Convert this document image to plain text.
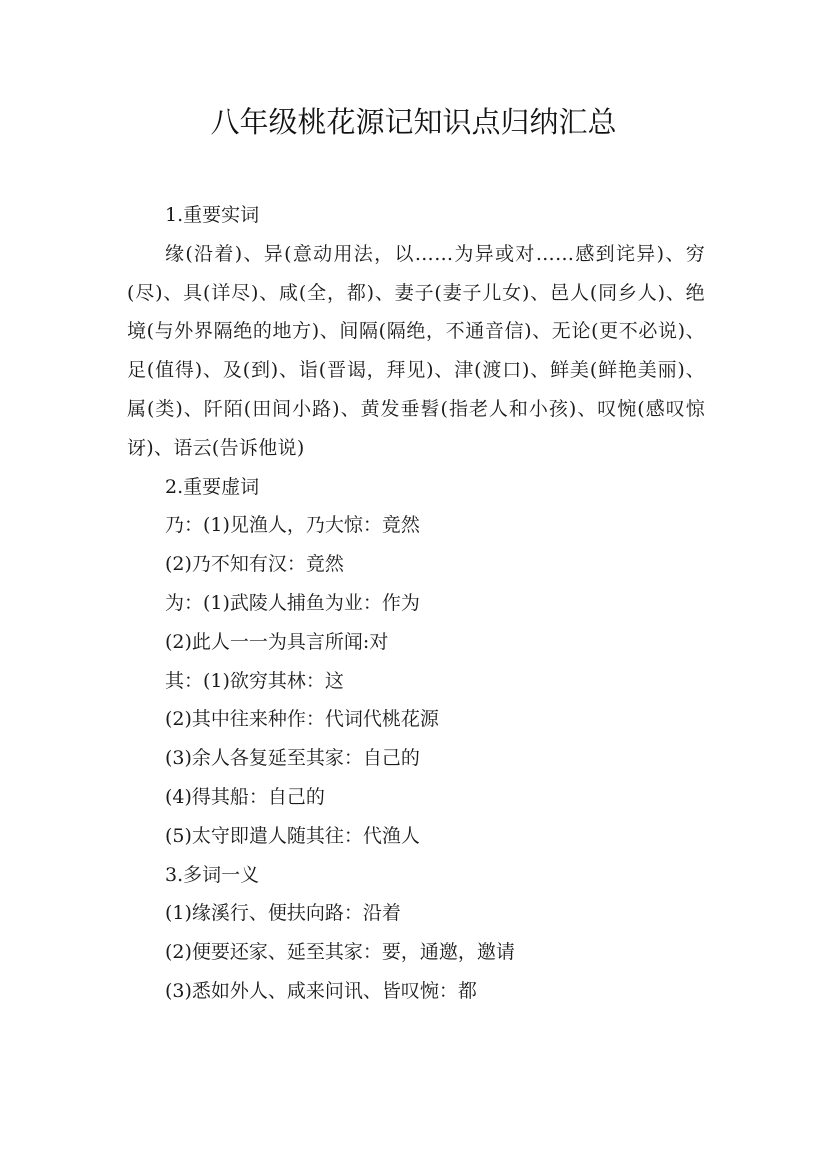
八年级桃花源记知识点归纳汇总

1.重要实词

缘(沿着)、异(意动用法，以……为异或对……感到诧异)、穷(尽)、具(详尽)、咸(全，都)、妻子(妻子儿女)、邑人(同乡人)、绝境(与外界隔绝的地方)、间隔(隔绝，不通音信)、无论(更不必说)、足(值得)、及(到)、诣(晋谒，拜见)、津(渡口)、鲜美(鲜艳美丽)、属(类)、阡陌(田间小路)、黄发垂髫(指老人和小孩)、叹惋(感叹惊讶)、语云(告诉他说)

2.重要虚词

乃：(1)见渔人，乃大惊：竟然

(2)乃不知有汉：竟然

为：(1)武陵人捕鱼为业：作为

(2)此人一一为具言所闻:对

其：(1)欲穷其林：这

(2)其中往来种作：代词代桃花源

(3)余人各复延至其家：自己的

(4)得其船：自己的

(5)太守即遣人随其往：代渔人

3.多词一义

(1)缘溪行、便扶向路：沿着

(2)便要还家、延至其家：要，通邀，邀请

(3)悉如外人、咸来问讯、皆叹惋：都
